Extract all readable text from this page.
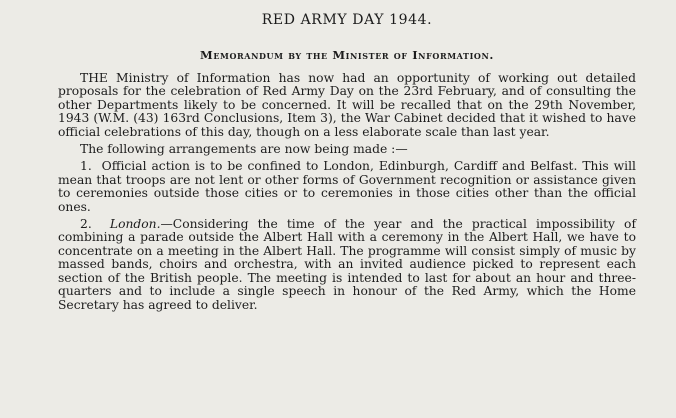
RED ARMY DAY 1944.
Memorandum by the Minister of Information.

THE Ministry of Information has now had an opportunity of working out detailed proposals for the celebration of Red Army Day on the 23rd February, and of consulting the other Departments likely to be concerned. It will be recalled that on the 29th November, 1943 (W.M. (43) 163rd Conclusions, Item 3), the War Cabinet decided that it wished to have official celebrations of this day, though on a less elaborate scale than last year.

The following arrangements are now being made :—

1. Official action is to be confined to London, Edinburgh, Cardiff and Belfast. This will mean that troops are not lent or other forms of Government recognition or assistance given to ceremonies outside those cities or to ceremonies in those cities other than the official ones.

2. London.—Considering the time of the year and the practical impossibility of combining a parade outside the Albert Hall with a ceremony in the Albert Hall, we have to concentrate on a meeting in the Albert Hall. The programme will consist simply of music by massed bands, choirs and orchestra, with an invited audience picked to represent each section of the British people. The meeting is intended to last for about an hour and three-quarters and to include a single speech in honour of the Red Army, which the Home Secretary has agreed to deliver.
